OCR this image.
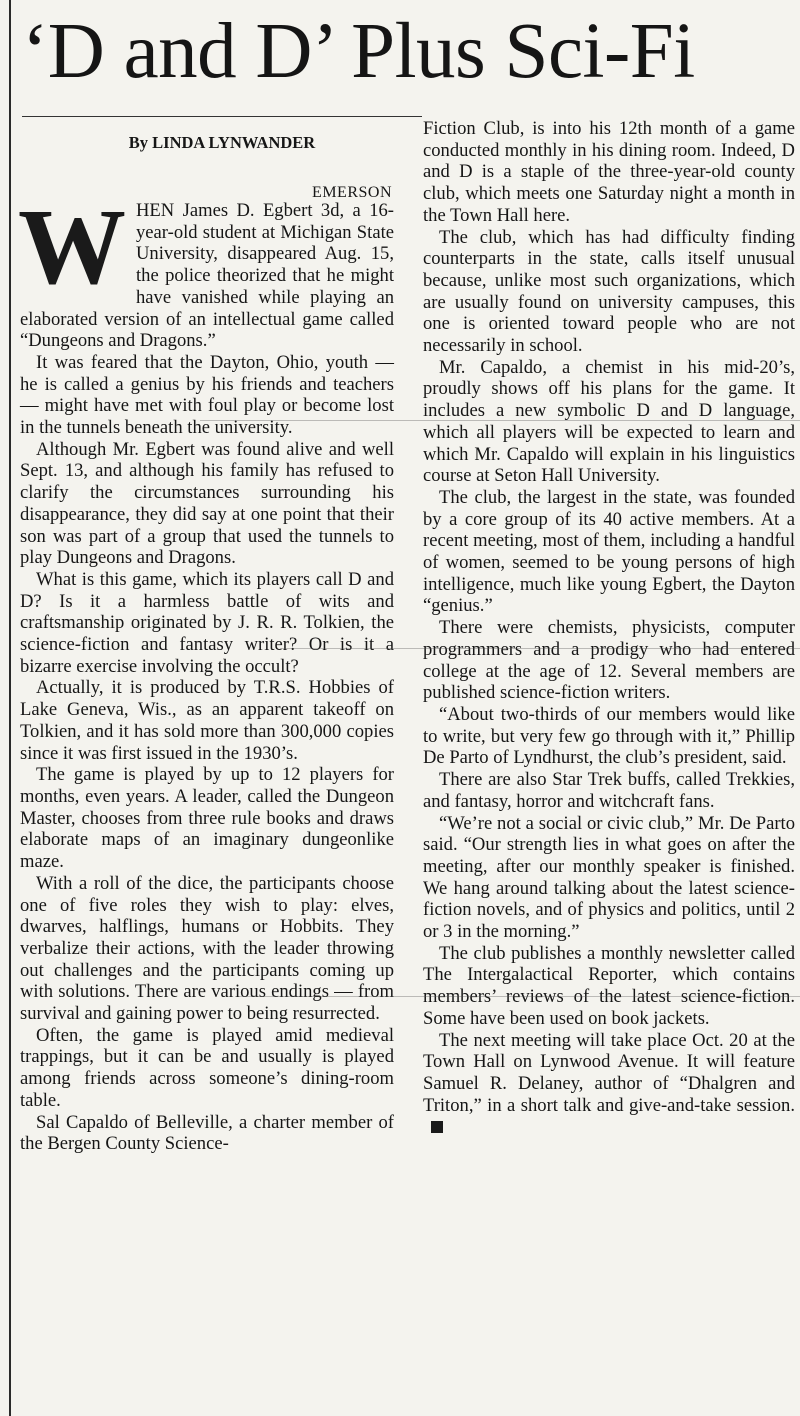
‘D and D’ Plus Sci-Fi
By LINDA LYNWANDER
EMERSON

WHEN James D. Egbert 3d, a 16-year-old student at Michigan State University, disappeared Aug. 15, the police theorized that he might have vanished while playing an elaborated version of an intellectual game called “Dungeons and Dragons.”

It was feared that the Dayton, Ohio, youth — he is called a genius by his friends and teachers — might have met with foul play or become lost in the tunnels beneath the university.

Although Mr. Egbert was found alive and well Sept. 13, and although his family has refused to clarify the circumstances surrounding his disappearance, they did say at one point that their son was part of a group that used the tunnels to play Dungeons and Dragons.

What is this game, which its players call D and D? Is it a harmless battle of wits and craftsmanship originated by J. R. R. Tolkien, the science-fiction and fantasy writer? Or is it a bizarre exercise involving the occult?

Actually, it is produced by T.R.S. Hobbies of Lake Geneva, Wis., as an apparent takeoff on Tolkien, and it has sold more than 300,000 copies since it was first issued in the 1930’s.

The game is played by up to 12 players for months, even years. A leader, called the Dungeon Master, chooses from three rule books and draws elaborate maps of an imaginary dungeonlike maze.

With a roll of the dice, the participants choose one of five roles they wish to play: elves, dwarves, halflings, humans or Hobbits. They verbalize their actions, with the leader throwing out challenges and the participants coming up with solutions. There are various endings — from survival and gaining power to being resurrected.

Often, the game is played amid medieval trappings, but it can be and usually is played among friends across someone’s dining-room table.

Sal Capaldo of Belleville, a charter member of the Bergen County Science-

Fiction Club, is into his 12th month of a game conducted monthly in his dining room. Indeed, D and D is a staple of the three-year-old county club, which meets one Saturday night a month in the Town Hall here.

The club, which has had difficulty finding counterparts in the state, calls itself unusual because, unlike most such organizations, which are usually found on university campuses, this one is oriented toward people who are not necessarily in school.

Mr. Capaldo, a chemist in his mid-20’s, proudly shows off his plans for the game. It includes a new symbolic D and D language, which all players will be expected to learn and which Mr. Capaldo will explain in his linguistics course at Seton Hall University.

The club, the largest in the state, was founded by a core group of its 40 active members. At a recent meeting, most of them, including a handful of women, seemed to be young persons of high intelligence, much like young Egbert, the Dayton “genius.”

There were chemists, physicists, computer programmers and a prodigy who had entered college at the age of 12. Several members are published science-fiction writers.

“About two-thirds of our members would like to write, but very few go through with it,” Phillip De Parto of Lyndhurst, the club’s president, said.

There are also Star Trek buffs, called Trekkies, and fantasy, horror and witchcraft fans.

“We’re not a social or civic club,” Mr. De Parto said. “Our strength lies in what goes on after the meeting, after our monthly speaker is finished. We hang around talking about the latest science-fiction novels, and of physics and politics, until 2 or 3 in the morning.”

The club publishes a monthly newsletter called The Intergalactical Reporter, which contains members’ reviews of the latest science-fiction. Some have been used on book jackets.

The next meeting will take place Oct. 20 at the Town Hall on Lynwood Avenue. It will feature Samuel R. Delaney, author of “Dhalgren and Triton,” in a short talk and give-and-take session.
